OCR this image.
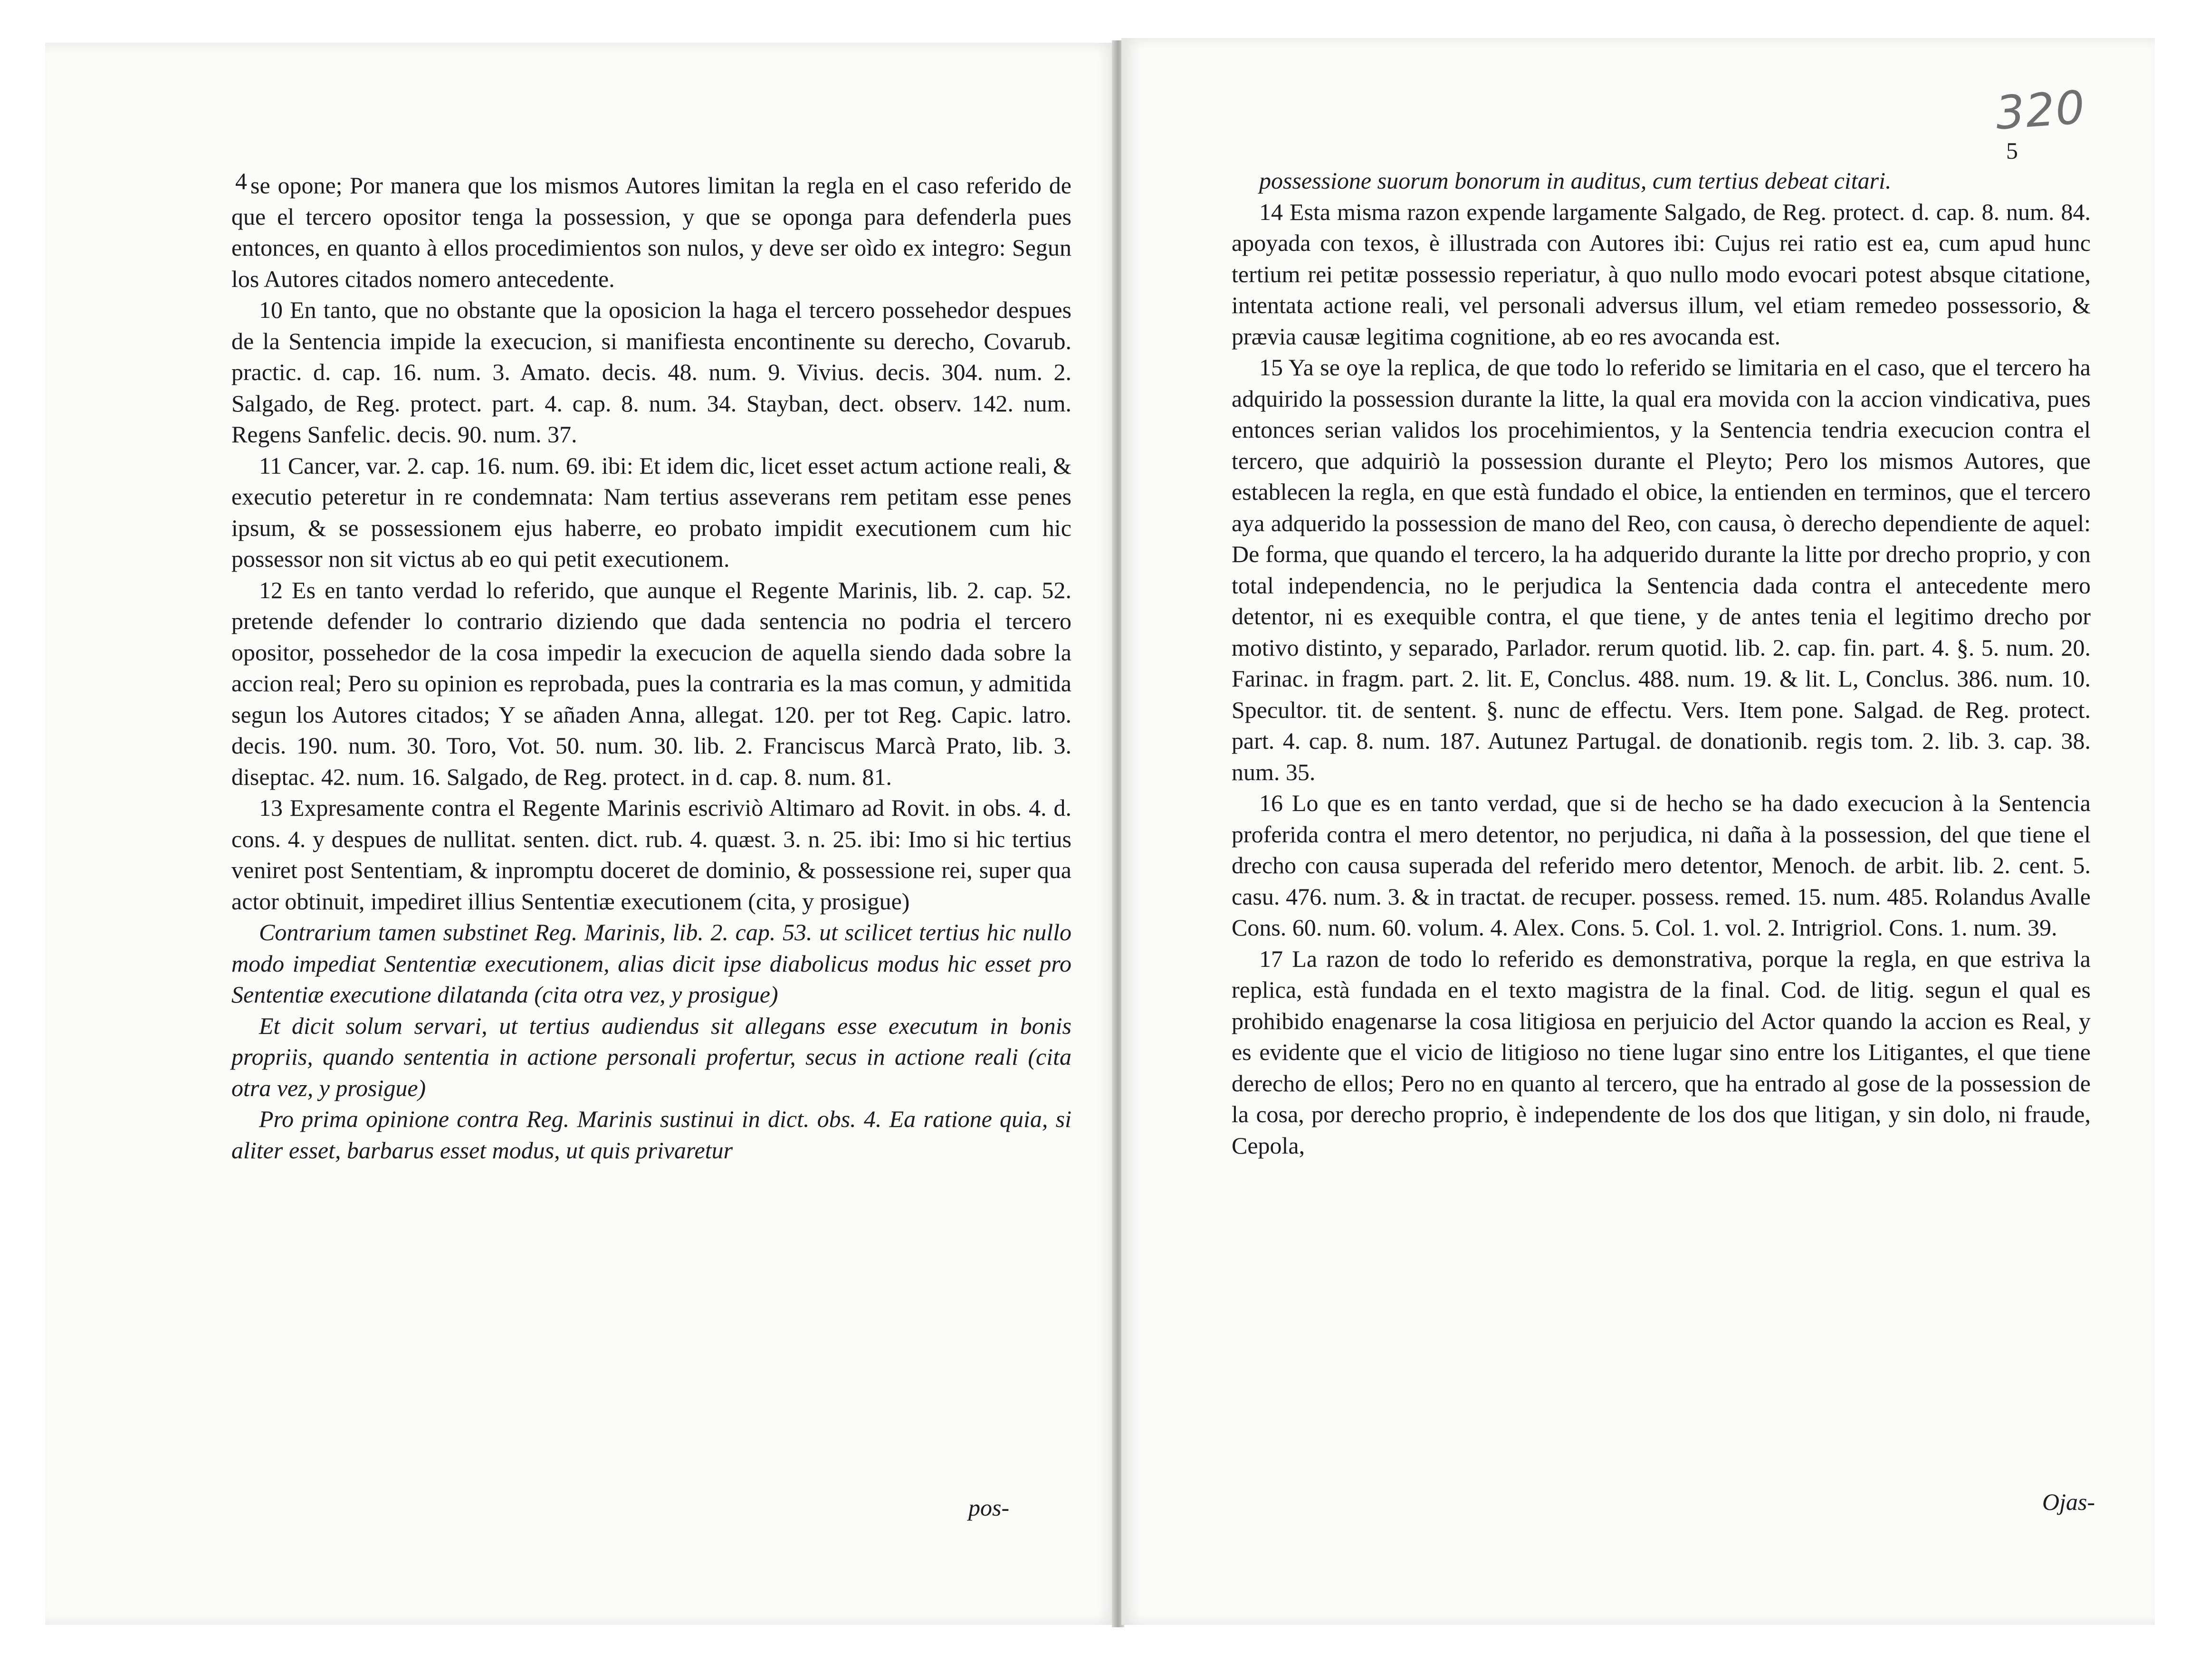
4 se opone; Por manera que los mismos Autores limitan la regla en el caso referido de que el tercero opositor tenga la possession, y que se oponga para defenderla pues entonces, en quanto à ellos procedimientos son nulos, y deve ser oìdo ex integro: Segun los Autores citados nomero antecedente.

10 En tanto, que no obstante que la oposicion la haga el tercero possehedor despues de la Sentencia impide la execucion, si manifiesta encontinente su derecho, Covarub. practic. d. cap. 16. num. 3. Amato. decis. 48. num. 9. Vivius. decis. 304. num. 2. Salgado, de Reg. protect. part. 4. cap. 8. num. 34. Stayban, dect. observ. 142. num. Regens Sanfelic. decis. 90. num. 37.

11 Cancer, var. 2. cap. 16. num. 69. ibi: Et idem dic, licet esset actum actione reali, & executio peteretur in re condemnata: Nam tertius asseverans rem petitam esse penes ipsum, & se possessionem ejus haberre, eo probato impidit executionem cum hic possessor non sit victus ab eo qui petit executionem.

12 Es en tanto verdad lo referido, que aunque el Regente Marinis, lib. 2. cap. 52. pretende defender lo contrario diziendo que dada sentencia no podria el tercero opositor, possehedor de la cosa impedir la execucion de aquella siendo dada sobre la accion real; Pero su opinion es reprobada, pues la contraria es la mas comun, y admitida segun los Autores citados; Y se añaden Anna, allegat. 120. per tot Reg. Capic. latro. decis. 190. num. 30. Toro, Vot. 50. num. 30. lib. 2. Franciscus Marcà Prato, lib. 3. diseptac. 42. num. 16. Salgado, de Reg. protect. in d. cap. 8. num. 81.

13 Expresamente contra el Regente Marinis escriviò Altimaro ad Rovit. in obs. 4. d. cons. 4. y despues de nullitat. senten. dict. rub. 4. quæst. 3. n. 25. ibi: Imo si hic tertius veniret post Sententiam, & inpromptu doceret de dominio, & possessione rei, super qua actor obtinuit, impediret illius Sententiæ executionem (cita, y prosigue)

Contrarium tamen substinet Reg. Marinis, lib. 2. cap. 53. ut scilicet tertius hic nullo modo impediat Sententiæ executionem, alias dicit ipse diabolicus modus hic esset pro Sententiæ executione dilatanda (cita otra vez, y prosigue)

Et dicit solum servari, ut tertius audiendus sit allegans esse executum in bonis propriis, quando sententia in actione personali profertur, secus in actione reali (cita otra vez, y prosigue)

Pro prima opinione contra Reg. Marinis sustinui in dict. obs. 4. Ea ratione quia, si aliter esset, barbarus esset modus, ut quis privaretur

pos-
320
5

possessione suorum bonorum in auditus, cum tertius debeat citari.

14 Esta misma razon expende largamente Salgado, de Reg. protect. d. cap. 8. num. 84. apoyada con texos, è illustrada con Autores ibi: Cujus rei ratio est ea, cum apud hunc tertium rei petitæ possessio reperiatur, à quo nullo modo evocari potest absque citatione, intentata actione reali, vel personali adversus illum, vel etiam remedeo possessorio, & prævia causæ legitima cognitione, ab eo res avocanda est.

15 Ya se oye la replica, de que todo lo referido se limitaria en el caso, que el tercero ha adquirido la possession durante la litte, la qual era movida con la accion vindicativa, pues entonces serian validos los procehimientos, y la Sentencia tendria execucion contra el tercero, que adquiriò la possession durante el Pleyto; Pero los mismos Autores, que establecen la regla, en que està fundado el obice, la entienden en terminos, que el tercero aya adquerido la possession de mano del Reo, con causa, ò derecho dependiente de aquel: De forma, que quando el tercero, la ha adquerido durante la litte por drecho proprio, y con total independencia, no le perjudica la Sentencia dada contra el antecedente mero detentor, ni es exequible contra, el que tiene, y de antes tenia el legitimo drecho por motivo distinto, y separado, Parlador. rerum quotid. lib. 2. cap. fin. part. 4. §. 5. num. 20. Farinac. in fragm. part. 2. lit. E, Conclus. 488. num. 19. & lit. L, Conclus. 386. num. 10. Specultor. tit. de sentent. §. nunc de effectu. Vers. Item pone. Salgad. de Reg. protect. part. 4. cap. 8. num. 187. Autunez Partugal. de donationib. regis tom. 2. lib. 3. cap. 38. num. 35.

16 Lo que es en tanto verdad, que si de hecho se ha dado execucion à la Sentencia proferida contra el mero detentor, no perjudica, ni daña à la possession, del que tiene el drecho con causa superada del referido mero detentor, Menoch. de arbit. lib. 2. cent. 5. casu. 476. num. 3. & in tractat. de recuper. possess. remed. 15. num. 485. Rolandus Avalle Cons. 60. num. 60. volum. 4. Alex. Cons. 5. Col. 1. vol. 2. Intrigriol. Cons. 1. num. 39.

17 La razon de todo lo referido es demonstrativa, porque la regla, en que estriva la replica, està fundada en el texto magistra de la final. Cod. de litig. segun el qual es prohibido enagenarse la cosa litigiosa en perjuicio del Actor quando la accion es Real, y es evidente que el vicio de litigioso no tiene lugar sino entre los Litigantes, el que tiene derecho de ellos; Pero no en quanto al tercero, que ha entrado al gose de la possession de la cosa, por derecho proprio, è independente de los dos que litigan, y sin dolo, ni fraude, Cepola,

Ojas-
